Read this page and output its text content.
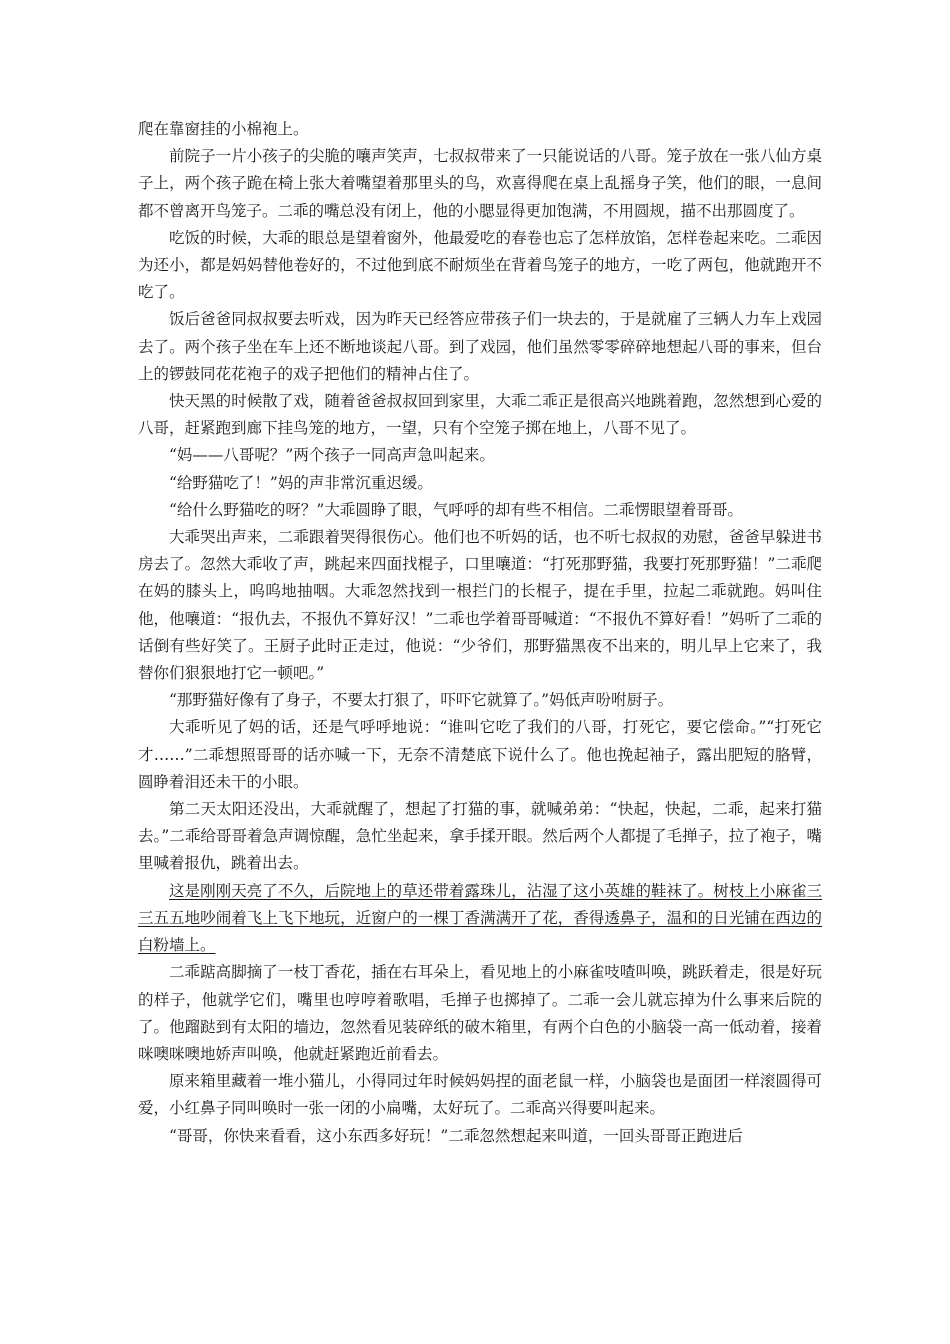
爬在靠窗挂的小棉袍上。

前院子一片小孩子的尖脆的嚷声笑声，七叔叔带来了一只能说话的八哥。笼子放在一张八仙方桌子上，两个孩子跪在椅上张大着嘴望着那里头的鸟，欢喜得爬在桌上乱摇身子笑，他们的眼，一息间都不曾离开鸟笼子。二乖的嘴总没有闭上，他的小腮显得更加饱满，不用圆规，描不出那圆度了。

吃饭的时候，大乖的眼总是望着窗外，他最爱吃的春卷也忘了怎样放馅，怎样卷起来吃。二乖因为还小，都是妈妈替他卷好的，不过他到底不耐烦坐在背着鸟笼子的地方，一吃了两包，他就跑开不吃了。

饭后爸爸同叔叔要去听戏，因为昨天已经答应带孩子们一块去的，于是就雇了三辆人力车上戏园去了。两个孩子坐在车上还不断地谈起八哥。到了戏园，他们虽然零零碎碎地想起八哥的事来，但台上的锣鼓同花花袍子的戏子把他们的精神占住了。

快天黑的时候散了戏，随着爸爸叔叔回到家里，大乖二乖正是很高兴地跳着跑，忽然想到心爱的八哥，赶紧跑到廊下挂鸟笼的地方，一望，只有个空笼子掷在地上，八哥不见了。

“妈——八哥呢？”两个孩子一同高声急叫起来。

“给野猫吃了！”妈的声非常沉重迟缓。

“给什么野猫吃的呀？”大乖圆睁了眼，气呼呼的却有些不相信。二乖愣眼望着哥哥。

大乖哭出声来，二乖跟着哭得很伤心。他们也不听妈的话，也不听七叔叔的劝慰，爸爸早躲进书房去了。忽然大乖收了声，跳起来四面找棍子，口里嚷道：“打死那野猫，我要打死那野猫！”二乖爬在妈的膝头上，呜呜地抽咽。大乖忽然找到一根拦门的长棍子，提在手里，拉起二乖就跑。妈叫住他，他嚷道：“报仇去，不报仇不算好汉！”二乖也学着哥哥喊道：“不报仇不算好看！”妈听了二乖的话倒有些好笑了。王厨子此时正走过，他说：“少爷们，那野猫黑夜不出来的，明儿早上它来了，我替你们狠狠地打它一顿吧。”

“那野猫好像有了身子，不要太打狠了，吓吓它就算了。”妈低声吩咐厨子。

大乖听见了妈的话，还是气呼呼地说：“谁叫它吃了我们的八哥，打死它，要它偿命。”“打死它才……”二乖想照哥哥的话亦喊一下，无奈不清楚底下说什么了。他也挽起袖子，露出肥短的胳臂，圆睁着泪还未干的小眼。

第二天太阳还没出，大乖就醒了，想起了打猫的事，就喊弟弟：“快起，快起，二乖，起来打猫去。”二乖给哥哥着急声调惊醒，急忙坐起来，拿手揉开眼。然后两个人都提了毛掸子，拉了袍子，嘴里喊着报仇，跳着出去。

这是刚刚天亮了不久，后院地上的草还带着露珠儿，沾湿了这小英雄的鞋袜了。树枝上小麻雀三三五五地吵闹着飞上飞下地玩，近窗户的一棵丁香满满开了花，香得透鼻子，温和的日光铺在西边的白粉墙上。

二乖踮高脚摘了一枝丁香花，插在右耳朵上，看见地上的小麻雀吱喳叫唤，跳跃着走，很是好玩的样子，他就学它们，嘴里也哼哼着歌唱，毛掸子也掷掉了。二乖一会儿就忘掉为什么事来后院的了。他蹓跶到有太阳的墙边，忽然看见装碎纸的破木箱里，有两个白色的小脑袋一高一低动着，接着咪噢咪噢地娇声叫唤，他就赶紧跑近前看去。

原来箱里藏着一堆小猫儿，小得同过年时候妈妈捏的面老鼠一样，小脑袋也是面团一样滚圆得可爱，小红鼻子同叫唤时一张一闭的小扁嘴，太好玩了。二乖高兴得要叫起来。

“哥哥，你快来看看，这小东西多好玩！”二乖忽然想起来叫道，一回头哥哥正跑进后
